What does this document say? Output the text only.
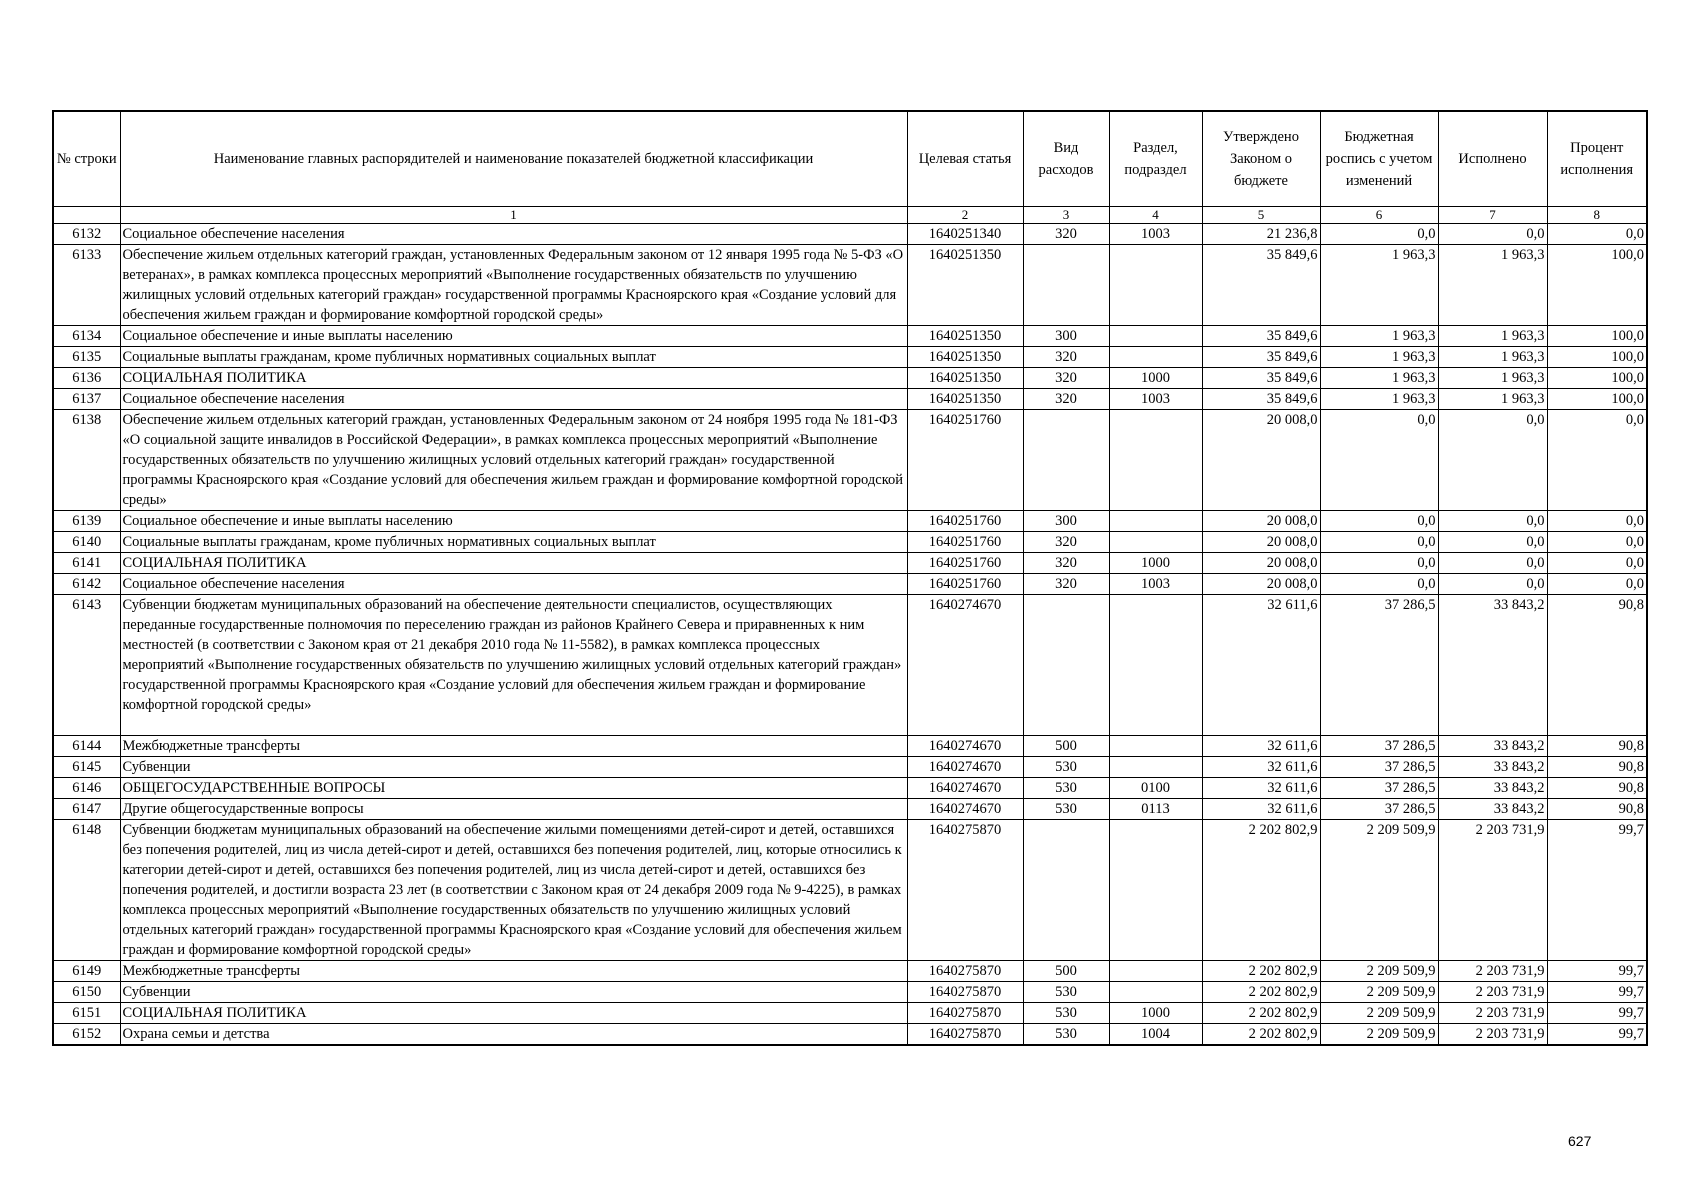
№ строки	Наименование главных распорядителей и наименование показателей бюджетной классификации	Целевая статья	Вид расходов	Раздел, подраздел	Утверждено Законом о бюджете	Бюджетная роспись с учетом изменений	Исполнено	Процент исполнения
	1	2	3	4	5	6	7	8
6132	Социальное обеспечение населения	1640251340	320	1003	21 236,8	0,0	0,0	0,0
6133	Обеспечение жильем отдельных категорий граждан, установленных Федеральным законом от 12 января 1995 года № 5-ФЗ «О ветеранах», в рамках комплекса процессных мероприятий «Выполнение государственных обязательств по улучшению жилищных условий отдельных категорий граждан» государственной программы Красноярского края «Создание условий для обеспечения жильем граждан и формирование комфортной городской среды»	1640251350			35 849,6	1 963,3	1 963,3	100,0
6134	Социальное обеспечение и иные выплаты населению	1640251350	300		35 849,6	1 963,3	1 963,3	100,0
6135	Социальные выплаты гражданам, кроме публичных нормативных социальных выплат	1640251350	320		35 849,6	1 963,3	1 963,3	100,0
6136	СОЦИАЛЬНАЯ ПОЛИТИКА	1640251350	320	1000	35 849,6	1 963,3	1 963,3	100,0
6137	Социальное обеспечение населения	1640251350	320	1003	35 849,6	1 963,3	1 963,3	100,0
6138	Обеспечение жильем отдельных категорий граждан, установленных Федеральным законом от 24 ноября 1995 года № 181-ФЗ «О социальной защите инвалидов в Российской Федерации», в рамках комплекса процессных мероприятий «Выполнение государственных обязательств по улучшению жилищных условий отдельных категорий граждан» государственной программы Красноярского края «Создание условий для обеспечения жильем граждан и формирование комфортной городской среды»	1640251760			20 008,0	0,0	0,0	0,0
6139	Социальное обеспечение и иные выплаты населению	1640251760	300		20 008,0	0,0	0,0	0,0
6140	Социальные выплаты гражданам, кроме публичных нормативных социальных выплат	1640251760	320		20 008,0	0,0	0,0	0,0
6141	СОЦИАЛЬНАЯ ПОЛИТИКА	1640251760	320	1000	20 008,0	0,0	0,0	0,0
6142	Социальное обеспечение населения	1640251760	320	1003	20 008,0	0,0	0,0	0,0
6143	Субвенции бюджетам муниципальных образований на обеспечение деятельности специалистов, осуществляющих переданные государственные полномочия по переселению граждан из районов Крайнего Севера и приравненных к ним местностей (в соответствии с Законом края от 21 декабря 2010 года № 11-5582), в рамках комплекса процессных мероприятий «Выполнение государственных обязательств по улучшению жилищных условий отдельных категорий граждан» государственной программы Красноярского края «Создание условий для обеспечения жильем граждан и формирование комфортной городской среды»	1640274670			32 611,6	37 286,5	33 843,2	90,8
6144	Межбюджетные трансферты	1640274670	500		32 611,6	37 286,5	33 843,2	90,8
6145	Субвенции	1640274670	530		32 611,6	37 286,5	33 843,2	90,8
6146	ОБЩЕГОСУДАРСТВЕННЫЕ ВОПРОСЫ	1640274670	530	0100	32 611,6	37 286,5	33 843,2	90,8
6147	Другие общегосударственные вопросы	1640274670	530	0113	32 611,6	37 286,5	33 843,2	90,8
6148	Субвенции бюджетам муниципальных образований на обеспечение жилыми помещениями детей-сирот и детей, оставшихся без попечения родителей, лиц из числа детей-сирот и детей, оставшихся без попечения родителей, лиц, которые относились к категории детей-сирот и детей, оставшихся без попечения родителей, лиц из числа детей-сирот и детей, оставшихся без попечения родителей, и достигли возраста 23 лет (в соответствии с Законом края от 24 декабря 2009 года № 9-4225), в рамках комплекса процессных мероприятий «Выполнение государственных обязательств по улучшению жилищных условий отдельных категорий граждан» государственной программы Красноярского края «Создание условий для обеспечения жильем граждан и формирование комфортной городской среды»	1640275870			2 202 802,9	2 209 509,9	2 203 731,9	99,7
6149	Межбюджетные трансферты	1640275870	500		2 202 802,9	2 209 509,9	2 203 731,9	99,7
6150	Субвенции	1640275870	530		2 202 802,9	2 209 509,9	2 203 731,9	99,7
6151	СОЦИАЛЬНАЯ ПОЛИТИКА	1640275870	530	1000	2 202 802,9	2 209 509,9	2 203 731,9	99,7
6152	Охрана семьи и детства	1640275870	530	1004	2 202 802,9	2 209 509,9	2 203 731,9	99,7
627
